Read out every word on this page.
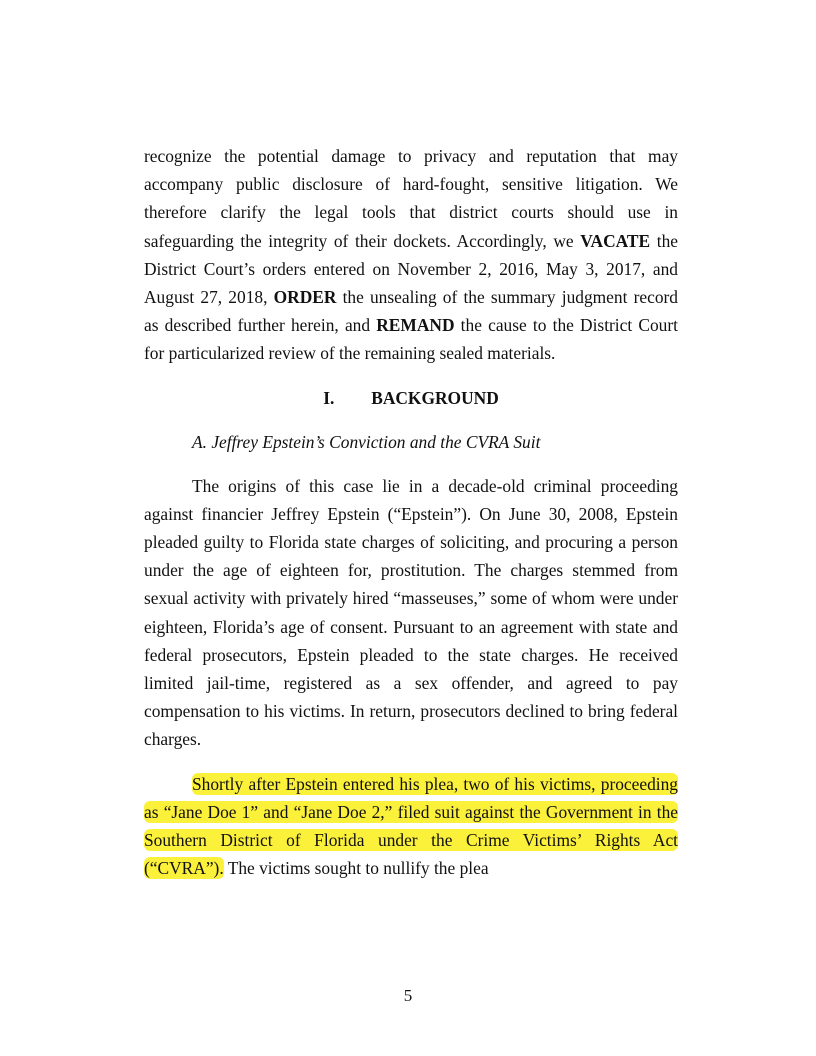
recognize the potential damage to privacy and reputation that may accompany public disclosure of hard-fought, sensitive litigation. We therefore clarify the legal tools that district courts should use in safeguarding the integrity of their dockets. Accordingly, we VACATE the District Court’s orders entered on November 2, 2016, May 3, 2017, and August 27, 2018, ORDER the unsealing of the summary judgment record as described further herein, and REMAND the cause to the District Court for particularized review of the remaining sealed materials.

I. BACKGROUND

A. Jeffrey Epstein’s Conviction and the CVRA Suit

The origins of this case lie in a decade-old criminal proceeding against financier Jeffrey Epstein (“Epstein”). On June 30, 2008, Epstein pleaded guilty to Florida state charges of soliciting, and procuring a person under the age of eighteen for, prostitution. The charges stemmed from sexual activity with privately hired “masseuses,” some of whom were under eighteen, Florida’s age of consent. Pursuant to an agreement with state and federal prosecutors, Epstein pleaded to the state charges. He received limited jail-time, registered as a sex offender, and agreed to pay compensation to his victims. In return, prosecutors declined to bring federal charges.

Shortly after Epstein entered his plea, two of his victims, proceeding as “Jane Doe 1” and “Jane Doe 2,” filed suit against the Government in the Southern District of Florida under the Crime Victims’ Rights Act (“CVRA”). The victims sought to nullify the plea

5
